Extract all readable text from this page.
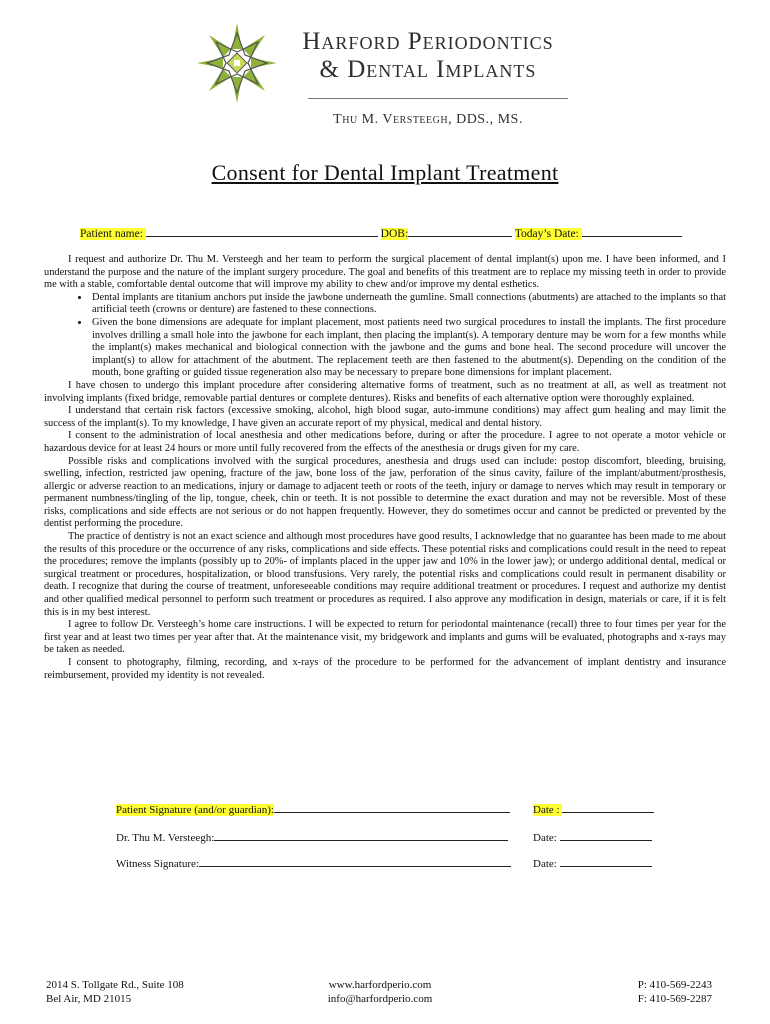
Harford Periodontics
& Dental Implants
Thu M. Versteegh, DDS., MS.
Consent for Dental Implant Treatment
Patient name:	DOB:	Today’s Date:

I request and authorize Dr. Thu M. Versteegh and her team to perform the surgical placement of dental implant(s) upon me. I have been informed, and I understand the purpose and the nature of the implant surgery procedure. The goal and benefits of this treatment are to replace my missing teeth in order to provide me with a stable, comfortable dental outcome that will improve my ability to chew and/or improve my dental esthetics.

• Dental implants are titanium anchors put inside the jawbone underneath the gumline. Small connections (abutments) are attached to the implants so that artificial teeth (crowns or denture) are fastened to these connections.
• Given the bone dimensions are adequate for implant placement, most patients need two surgical procedures to install the implants. The first procedure involves drilling a small hole into the jawbone for each implant, then placing the implant(s). A temporary denture may be worn for a few months while the implant(s) makes mechanical and biological connection with the jawbone and the gums and bone heal. The second procedure will uncover the implant(s) to allow for attachment of the abutment. The replacement teeth are then fastened to the abutment(s). Depending on the condition of the mouth, bone grafting or guided tissue regeneration also may be necessary to prepare bone dimensions for implant placement.

I have chosen to undergo this implant procedure after considering alternative forms of treatment, such as no treatment at all, as well as treatment not involving implants (fixed bridge, removable partial dentures or complete dentures). Risks and benefits of each alternative option were thoroughly explained.

I understand that certain risk factors (excessive smoking, alcohol, high blood sugar, auto-immune conditions) may affect gum healing and may limit the success of the implant(s). To my knowledge, I have given an accurate report of my physical, medical and dental history.

I consent to the administration of local anesthesia and other medications before, during or after the procedure. I agree to not operate a motor vehicle or hazardous device for at least 24 hours or more until fully recovered from the effects of the anesthesia or drugs given for my care.

Possible risks and complications involved with the surgical procedures, anesthesia and drugs used can include: postop discomfort, bleeding, bruising, swelling, infection, restricted jaw opening, fracture of the jaw, bone loss of the jaw, perforation of the sinus cavity, failure of the implant/abutment/prosthesis, allergic or adverse reaction to an medications, injury or damage to adjacent teeth or roots of the teeth, injury or damage to nerves which may result in temporary or permanent numbness/tingling of the lip, tongue, cheek, chin or teeth. It is not possible to determine the exact duration and may not be reversible. Most of these risks, complications and side effects are not serious or do not happen frequently. However, they do sometimes occur and cannot be predicted or prevented by the dentist performing the procedure.

The practice of dentistry is not an exact science and although most procedures have good results, I acknowledge that no guarantee has been made to me about the results of this procedure or the occurrence of any risks, complications and side effects. These potential risks and complications could result in the need to repeat the procedures; remove the implants (possibly up to 20%- of implants placed in the upper jaw and 10% in the lower jaw); or undergo additional dental, medical or surgical treatment or procedures, hospitalization, or blood transfusions. Very rarely, the potential risks and complications could result in permanent disability or death. I recognize that during the course of treatment, unforeseeable conditions may require additional treatment or procedures. I request and authorize my dentist and other qualified medical personnel to perform such treatment or procedures as required. I also approve any modification in design, materials or care, if it is felt this is in my best interest.

I agree to follow Dr. Versteegh’s home care instructions. I will be expected to return for periodontal maintenance (recall) three to four times per year for the first year and at least two times per year after that. At the maintenance visit, my bridgework and implants and gums will be evaluated, photographs and x-rays may be taken as needed.

I consent to photography, filming, recording, and x-rays of the procedure to be performed for the advancement of implant dentistry and insurance reimbursement, provided my identity is not revealed.

Patient Signature (and/or guardian):	Date :
Dr. Thu M. Versteegh:	Date:
Witness Signature:	Date:
2014 S. Tollgate Rd., Suite 108
Bel Air, MD 21015
www.harfordperio.com
info@harfordperio.com
P: 410-569-2243
F: 410-569-2287
